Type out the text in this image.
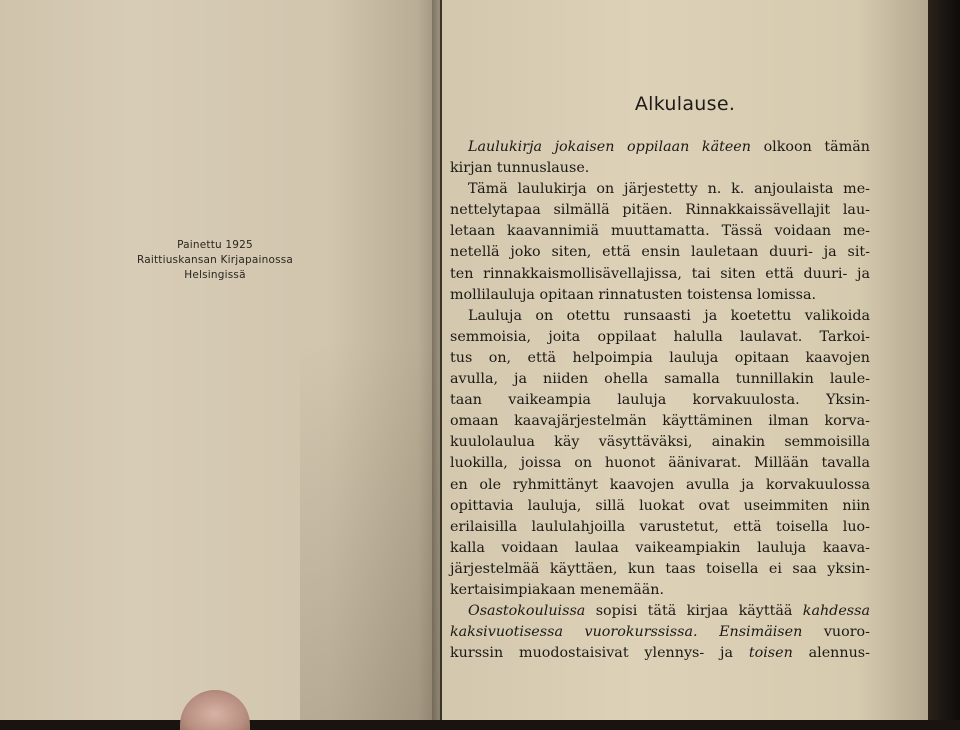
Painettu 1925
Raittiuskansan Kirjapainossa
Helsingissä
Alkulause.
Laulukirja jokaisen oppilaan käteen olkoon tämän
kirjan tunnuslause.
Tämä laulukirja on järjestetty n. k. anjoulaista me-
nettelytapaa silmällä pitäen. Rinnakkaissävellajit lau-
letaan kaavannimiä muuttamatta. Tässä voidaan me-
netellä joko siten, että ensin lauletaan duuri- ja sit-
ten rinnakkaismollisävellajissa, tai siten että duuri- ja
mollilauluja opitaan rinnatusten toistensa lomissa.
Lauluja on otettu runsaasti ja koetettu valikoida
semmoisia, joita oppilaat halulla laulavat. Tarkoi-
tus on, että helpoimpia lauluja opitaan kaavojen
avulla, ja niiden ohella samalla tunnillakin laule-
taan vaikeampia lauluja korvakuulosta. Yksin-
omaan kaavajärjestelmän käyttäminen ilman korva-
kuulolaulua käy väsyttäväksi, ainakin semmoisilla
luokilla, joissa on huonot äänivarat. Millään tavalla
en ole ryhmittänyt kaavojen avulla ja korvakuulossa
opittavia lauluja, sillä luokat ovat useimmiten niin
erilaisilla laululahjoilla varustetut, että toisella luo-
kalla voidaan laulaa vaikeampiakin lauluja kaava-
järjestelmää käyttäen, kun taas toisella ei saa yksin-
kertaisimpiakaan menemään.
Osastokouluissa sopisi tätä kirjaa käyttää kahdessa
kaksivuotisessa vuorokurssissa. Ensimäisen vuoro-
kurssin muodostaisivat ylennys- ja toisen alennus-
